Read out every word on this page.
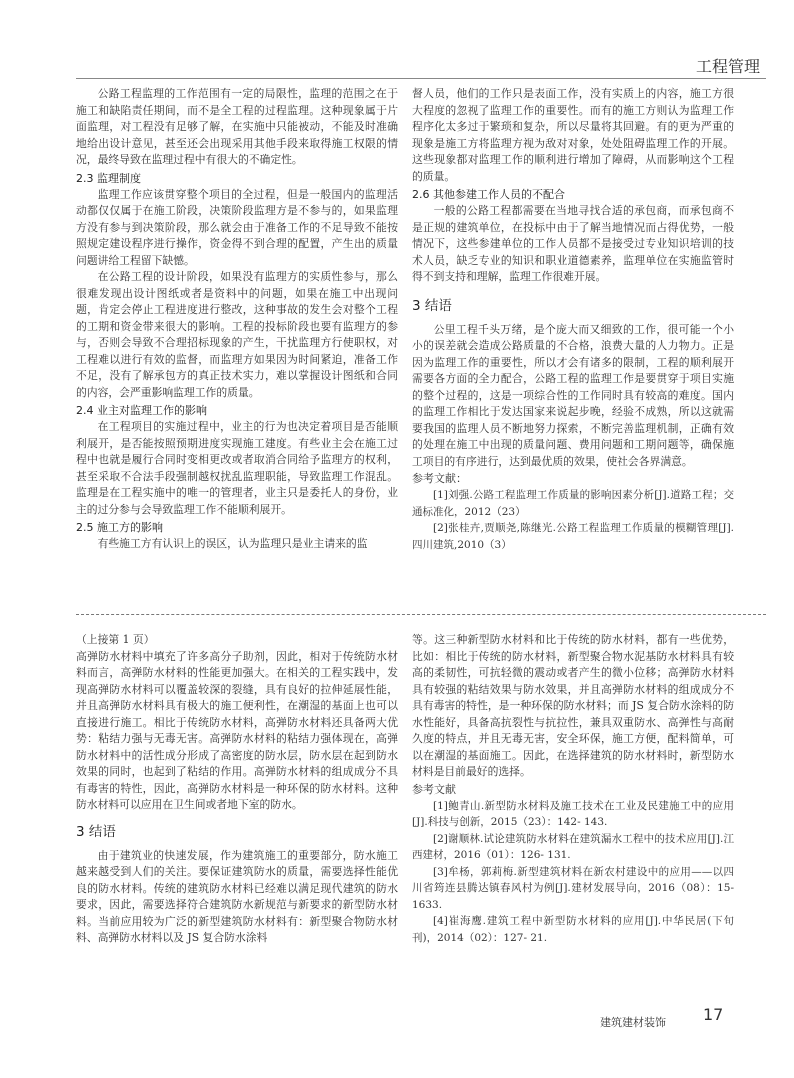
工程管理

公路工程监理的工作范围有一定的局限性，监理的范围之在于施工和缺陷责任期间，而不是全工程的过程监理。这种现象属于片面监理，对工程没有足够了解，在实施中只能被动，不能及时准确地给出设计意见，甚至还会出现采用其他手段来取得施工权限的情况，最终导致在监理过程中有很大的不确定性。

2.3 监理制度

监理工作应该贯穿整个项目的全过程，但是一般国内的监理活动都仅仅属于在施工阶段，决策阶段监理方是不参与的，如果监理方没有参与到决策阶段，那么就会由于准备工作的不足导致不能按照规定建设程序进行操作，资金得不到合理的配置，产生出的质量问题讲给工程留下缺憾。

在公路工程的设计阶段，如果没有监理方的实质性参与，那么很难发现出设计图纸或者是资料中的问题，如果在施工中出现问题，肯定会停止工程进度进行整改，这种事故的发生会对整个工程的工期和资金带来很大的影响。工程的投标阶段也要有监理方的参与，否则会导致不合理招标现象的产生，干扰监理方行使职权，对工程难以进行有效的监督，而监理方如果因为时间紧迫，准备工作不足，没有了解承包方的真正技术实力，难以掌握设计图纸和合同的内容，会严重影响监理工作的质量。

2.4 业主对监理工作的影响

在工程项目的实施过程中，业主的行为也决定着项目是否能顺利展开，是否能按照预期进度实现施工建度。有些业主会在施工过程中也就是履行合同时变相更改或者取消合同给予监理方的权利，甚至采取不合法手段强制越权扰乱监理职能，导致监理工作混乱。监理是在工程实施中的唯一的管理者，业主只是委托人的身份，业主的过分参与会导致监理工作不能顺利展开。

2.5 施工方的影响

有些施工方有认识上的误区，认为监理只是业主请来的监

督人员，他们的工作只是表面工作，没有实质上的内容，施工方很大程度的忽视了监理工作的重要性。而有的施工方则认为监理工作程序化太多过于繁琐和复杂，所以尽量将其回避。有的更为严重的现象是施工方将监理方视为敌对对象，处处阻碍监理工作的开展。这些现象都对监理工作的顺利进行增加了障碍，从而影响这个工程的质量。

2.6 其他参建工作人员的不配合

一般的公路工程都需要在当地寻找合适的承包商，而承包商不是正规的建筑单位，在投标中由于了解当地情况而占得优势，一般情况下，这些参建单位的工作人员都不是接受过专业知识培训的技术人员，缺乏专业的知识和职业道德素养，监理单位在实施监管时得不到支持和理解，监理工作很难开展。

3 结语

公里工程千头万绪，是个庞大而又细致的工作，很可能一个小小的误差就会造成公路质量的不合格，浪费大量的人力物力。正是因为监理工作的重要性，所以才会有诸多的限制，工程的顺利展开需要各方面的全力配合，公路工程的监理工作是要贯穿于项目实施的整个过程的，这是一项综合性的工作同时具有较高的难度。国内的监理工作相比于发达国家来说起步晚，经验不成熟，所以这就需要我国的监理人员不断地努力探索，不断完善监理机制，正确有效的处理在施工中出现的质量问题、费用问题和工期问题等，确保施工项目的有序进行，达到最优质的效果，使社会各界满意。

参考文献：

[1]刘强.公路工程监理工作质量的影响因素分析[J].道路工程；交通标准化，2012（23）

[2]张桂卉,贾顺尧,陈继光.公路工程监理工作质量的模糊管理[J].四川建筑,2010（3）

（上接第 1 页）

高弹防水材料中填充了许多高分子助剂，因此，相对于传统防水材料而言，高弹防水材料的性能更加强大。在相关的工程实践中，发现高弹防水材料可以覆盖较深的裂缝，具有良好的拉伸延展性能，并且高弹防水材料具有极大的施工便利性，在潮湿的基面上也可以直接进行施工。相比于传统防水材料，高弹防水材料还具备两大优势：粘结力强与无毒无害。高弹防水材料的粘结力强体现在，高弹防水材料中的活性成分形成了高密度的防水层，防水层在起到防水效果的同时，也起到了粘结的作用。高弹防水材料的组成成分不具有毒害的特性，因此，高弹防水材料是一种环保的防水材料。这种防水材料可以应用在卫生间或者地下室的防水。

3 结语

由于建筑业的快速发展，作为建筑施工的重要部分，防水施工越来越受到人们的关注。要保证建筑防水的质量，需要选择性能优良的防水材料。传统的建筑防水材料已经难以满足现代建筑的防水要求，因此，需要选择符合建筑防水新规范与新要求的新型防水材料。当前应用较为广泛的新型建筑防水材料有：新型聚合物防水材料、高弹防水材料以及 JS 复合防水涂料

等。这三种新型防水材料和比于传统的防水材料，都有一些优势，比如：相比于传统的防水材料，新型聚合物水泥基防水材料具有较高的柔韧性，可抗轻微的震动或者产生的微小位移；高弹防水材料具有较强的粘结效果与防水效果，并且高弹防水材料的组成成分不具有毒害的特性，是一种环保的防水材料；而 JS 复合防水涂料的防水性能好，具备高抗裂性与抗拉性，兼具双重防水、高弹性与高耐久度的特点，并且无毒无害，安全环保，施工方便，配料简单，可以在潮湿的基面施工。因此，在选择建筑的防水材料时，新型防水材料是目前最好的选择。

参考文献

[1]鲍青山.新型防水材料及施工技术在工业及民建施工中的应用[J].科技与创新，2015（23）：142- 143.

[2]谢顺林.试论建筑防水材料在建筑漏水工程中的技术应用[J].江西建材，2016（01）：126- 131.

[3]牟杨，郭莉梅.新型建筑材料在新农村建设中的应用——以四川省筠连县腾达镇春风村为例[J].建材发展导向，2016（08）：15- 1633.

[4]崔海鹰.建筑工程中新型防水材料的应用[J].中华民居(下旬刊)，2014（02）：127- 21.

建筑建材装饰 17
